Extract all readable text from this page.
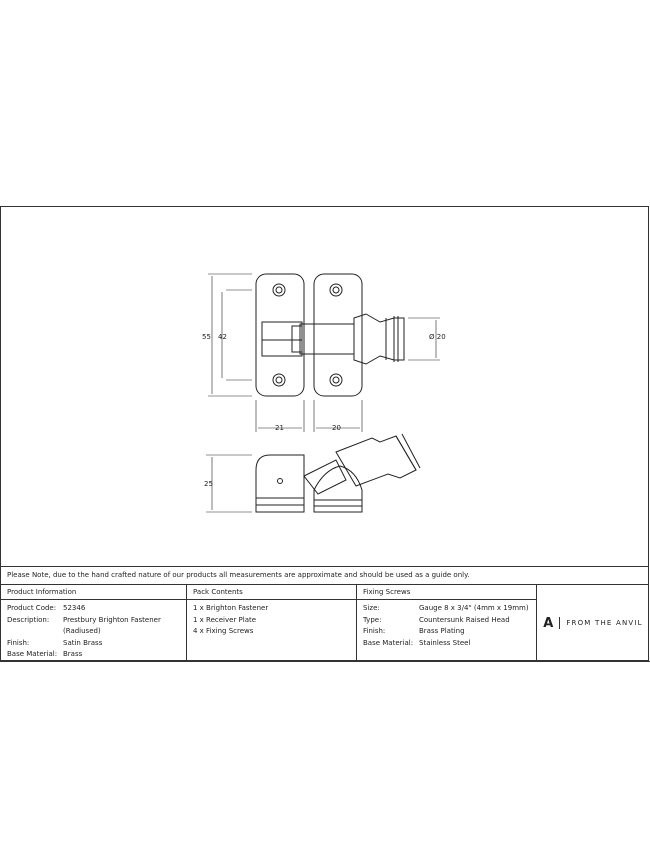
55 42	Ø 20
21	20
25
Please Note, due to the hand crafted nature of our products all measurements are approximate and should be used as a guide only.
Product Information	Pack Contents	Fixing Screws
Product Code: 52346
Description:	Prestbury Brighton Fastener
(Radiused)
Finish:	Satin Brass
Base Material: Brass
1 x Brighton Fastener
1 x Receiver Plate
4 x Fixing Screws
Size:	Gauge 8 x 3/4" (4mm x 19mm)
Type:	Countersunk Raised Head
Finish:	Brass Plating
Base Material: Stainless Steel
A FROM THE ANVIL
